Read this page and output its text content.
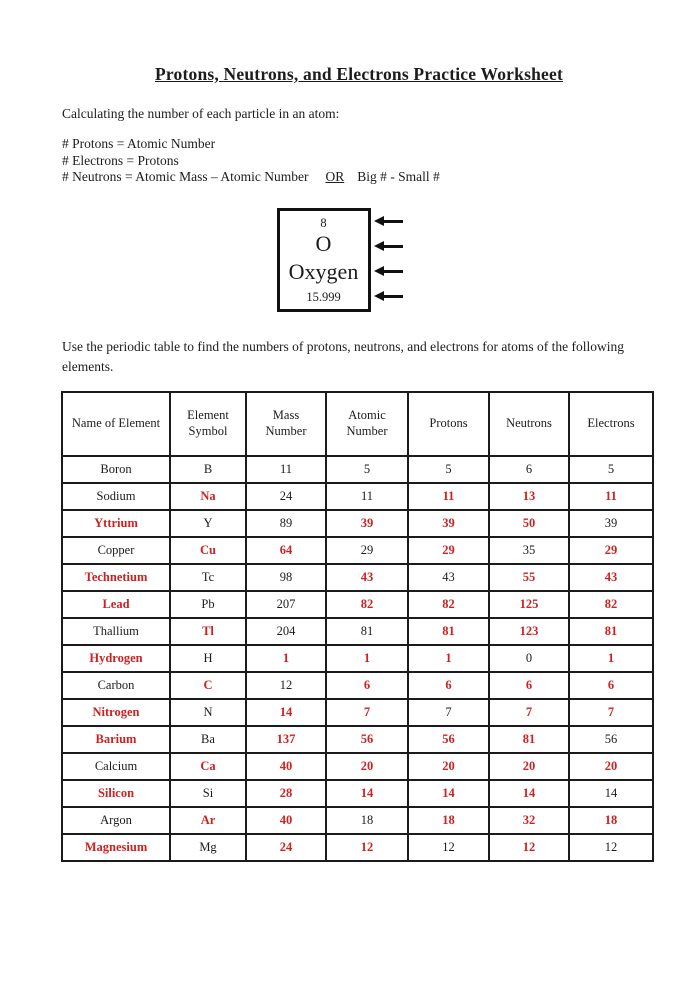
Protons, Neutrons, and Electrons Practice Worksheet
Calculating the number of each particle in an atom:
# Protons = Atomic Number
# Electrons = Protons
# Neutrons = Atomic Mass – Atomic Number OR Big # - Small #
8
O
Oxygen
15.999
Use the periodic table to find the numbers of protons, neutrons, and electrons for atoms of the following elements.
Name of Element	Element Symbol	Mass Number	Atomic Number	Protons	Neutrons	Electrons
Boron	B	11	5	5	6	5
Sodium	Na	24	11	11	13	11
Yttrium	Y	89	39	39	50	39
Copper	Cu	64	29	29	35	29
Technetium	Tc	98	43	43	55	43
Lead	Pb	207	82	82	125	82
Thallium	Tl	204	81	81	123	81
Hydrogen	H	1	1	1	0	1
Carbon	C	12	6	6	6	6
Nitrogen	N	14	7	7	7	7
Barium	Ba	137	56	56	81	56
Calcium	Ca	40	20	20	20	20
Silicon	Si	28	14	14	14	14
Argon	Ar	40	18	18	32	18
Magnesium	Mg	24	12	12	12	12
